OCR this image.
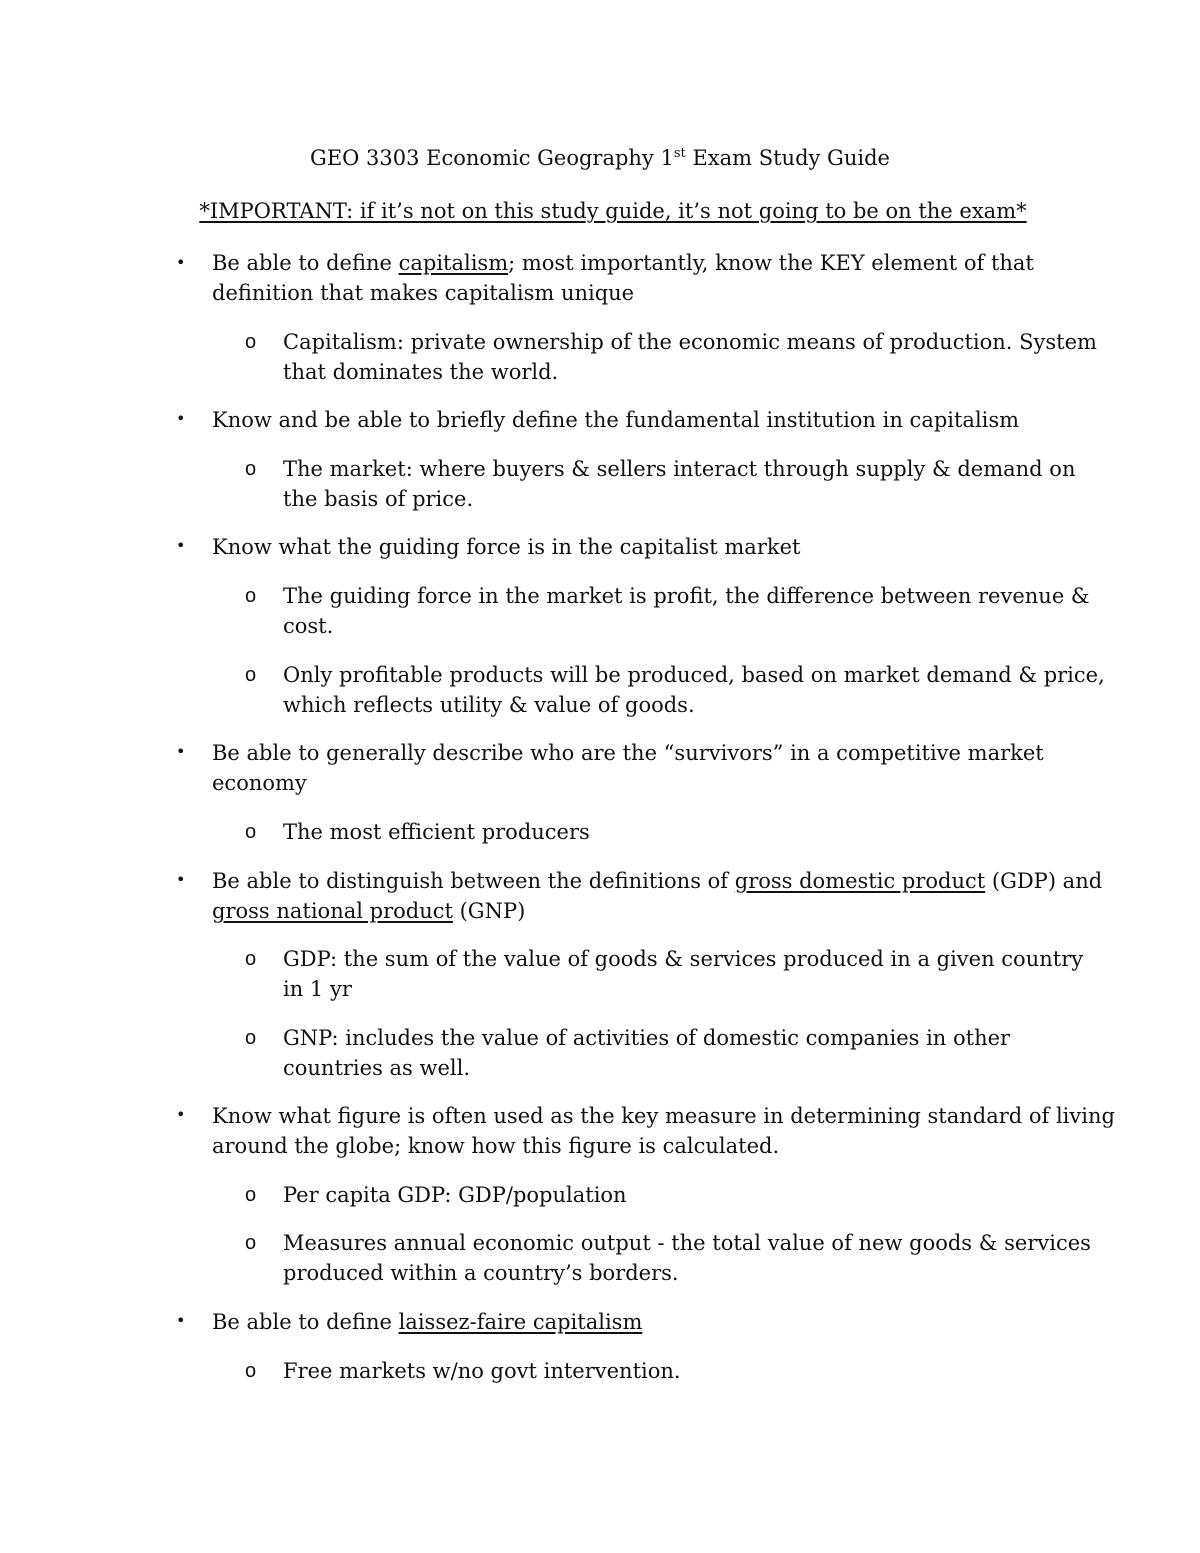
GEO 3303 Economic Geography 1st Exam Study Guide
*IMPORTANT: if it’s not on this study guide, it’s not going to be on the exam*
• Be able to define capitalism; most importantly, know the KEY element of that
definition that makes capitalism unique
o Capitalism: private ownership of the economic means of production. System
that dominates the world.
• Know and be able to briefly define the fundamental institution in capitalism
o The market: where buyers & sellers interact through supply & demand on
the basis of price.
• Know what the guiding force is in the capitalist market
o The guiding force in the market is profit, the difference between revenue &
cost.
o Only profitable products will be produced, based on market demand & price,
which reflects utility & value of goods.
• Be able to generally describe who are the “survivors” in a competitive market
economy
o The most efficient producers
• Be able to distinguish between the definitions of gross domestic product (GDP) and
gross national product (GNP)
o GDP: the sum of the value of goods & services produced in a given country
in 1 yr
o GNP: includes the value of activities of domestic companies in other
countries as well.
• Know what figure is often used as the key measure in determining standard of living
around the globe; know how this figure is calculated.
o Per capita GDP: GDP/population
o Measures annual economic output - the total value of new goods & services
produced within a country’s borders.
• Be able to define laissez-faire capitalism
o Free markets w/no govt intervention.
